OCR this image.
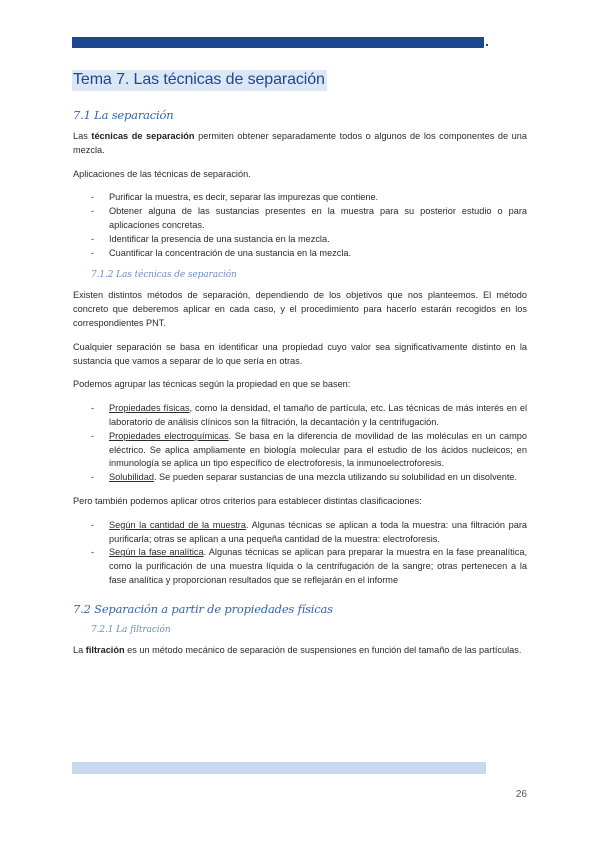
Tema 7. Las técnicas de separación
7.1 La separación

Las técnicas de separación permiten obtener separadamente todos o algunos de los componentes de una mezcla.

Aplicaciones de las técnicas de separación.

- Purificar la muestra, es decir, separar las impurezas que contiene.
- Obtener alguna de las sustancias presentes en la muestra para su posterior estudio o para aplicaciones concretas.
- Identificar la presencia de una sustancia en la mezcla.
- Cuantificar la concentración de una sustancia en la mezcla.
7.1.2 Las técnicas de separación

Existen distintos métodos de separación, dependiendo de los objetivos que nos planteemos. El método concreto que deberemos aplicar en cada caso, y el procedimiento para hacerlo estarán recogidos en los correspondientes PNT.

Cualquier separación se basa en identificar una propiedad cuyo valor sea significativamente distinto en la sustancia que vamos a separar de lo que sería en otras.

Podemos agrupar las técnicas según la propiedad en que se basen:

- Propiedades físicas, como la densidad, el tamaño de partícula, etc. Las técnicas de más interés en el laboratorio de análisis clínicos son la filtración, la decantación y la centrifugación.
- Propiedades electroquímicas. Se basa en la diferencia de movilidad de las moléculas en un campo eléctrico. Se aplica ampliamente en biología molecular para el estudio de los ácidos nucleicos; en inmunología se aplica un tipo específico de electroforesis, la inmunoelectroforesis.
- Solubilidad. Se pueden separar sustancias de una mezcla utilizando su solubilidad en un disolvente.

Pero también podemos aplicar otros criterios para establecer distintas clasificaciones:

- Según la cantidad de la muestra. Algunas técnicas se aplican a toda la muestra: una filtración para purificarla; otras se aplican a una pequeña cantidad de la muestra: electroforesis.
- Según la fase analítica. Algunas técnicas se aplican para preparar la muestra en la fase preanalítica, como la purificación de una muestra líquida o la centrifugación de la sangre; otras pertenecen a la fase analítica y proporcionan resultados que se reflejarán en el informe
7.2 Separación a partir de propiedades físicas
7.2.1 La filtración

La filtración es un método mecánico de separación de suspensiones en función del tamaño de las partículas.

26
